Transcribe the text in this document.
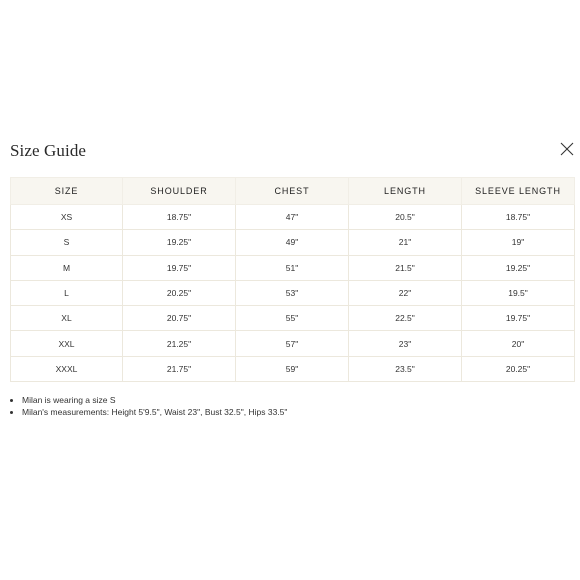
Size Guide
SIZE	SHOULDER	CHEST	LENGTH	SLEEVE LENGTH
XS	18.75"	47"	20.5"	18.75"
S	19.25"	49"	21"	19"
M	19.75"	51"	21.5"	19.25"
L	20.25"	53"	22"	19.5"
XL	20.75"	55"	22.5"	19.75"
XXL	21.25"	57"	23"	20"
XXXL	21.75"	59"	23.5"	20.25"
• Milan is wearing a size S
• Milan's measurements: Height 5'9.5", Waist 23", Bust 32.5", Hips 33.5"
